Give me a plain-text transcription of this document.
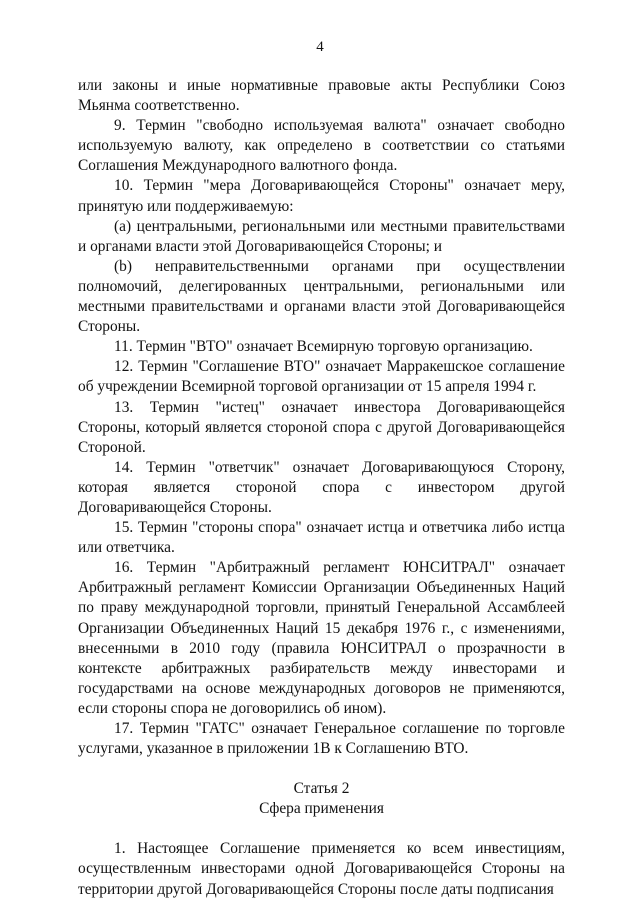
4

или законы и иные нормативные правовые акты Республики Союз Мьянма соответственно.

9. Термин "свободно используемая валюта" означает свободно используемую валюту, как определено в соответствии со статьями Соглашения Международного валютного фонда.

10. Термин "мера Договаривающейся Стороны" означает меру, принятую или поддерживаемую:

(a) центральными, региональными или местными правительствами и органами власти этой Договаривающейся Стороны; и

(b) неправительственными органами при осуществлении полномочий, делегированных центральными, региональными или местными правительствами и органами власти этой Договаривающейся Стороны.

11. Термин "ВТО" означает Всемирную торговую организацию.

12. Термин "Соглашение ВТО" означает Марракешское соглашение об учреждении Всемирной торговой организации от 15 апреля 1994 г.

13. Термин "истец" означает инвестора Договаривающейся Стороны, который является стороной спора с другой Договаривающейся Стороной.

14. Термин "ответчик" означает Договаривающуюся Сторону, которая является стороной спора с инвестором другой Договаривающейся Стороны.

15. Термин "стороны спора" означает истца и ответчика либо истца или ответчика.

16. Термин "Арбитражный регламент ЮНСИТРАЛ" означает Арбитражный регламент Комиссии Организации Объединенных Наций по праву международной торговли, принятый Генеральной Ассамблеей Организации Объединенных Наций 15 декабря 1976 г., с изменениями, внесенными в 2010 году (правила ЮНСИТРАЛ о прозрачности в контексте арбитражных разбирательств между инвесторами и государствами на основе международных договоров не применяются, если стороны спора не договорились об ином).

17. Термин "ГАТС" означает Генеральное соглашение по торговле услугами, указанное в приложении 1В к Соглашению ВТО.

Статья 2

Сфера применения

1. Настоящее Соглашение применяется ко всем инвестициям, осуществленным инвесторами одной Договаривающейся Стороны на территории другой Договаривающейся Стороны после даты подписания
